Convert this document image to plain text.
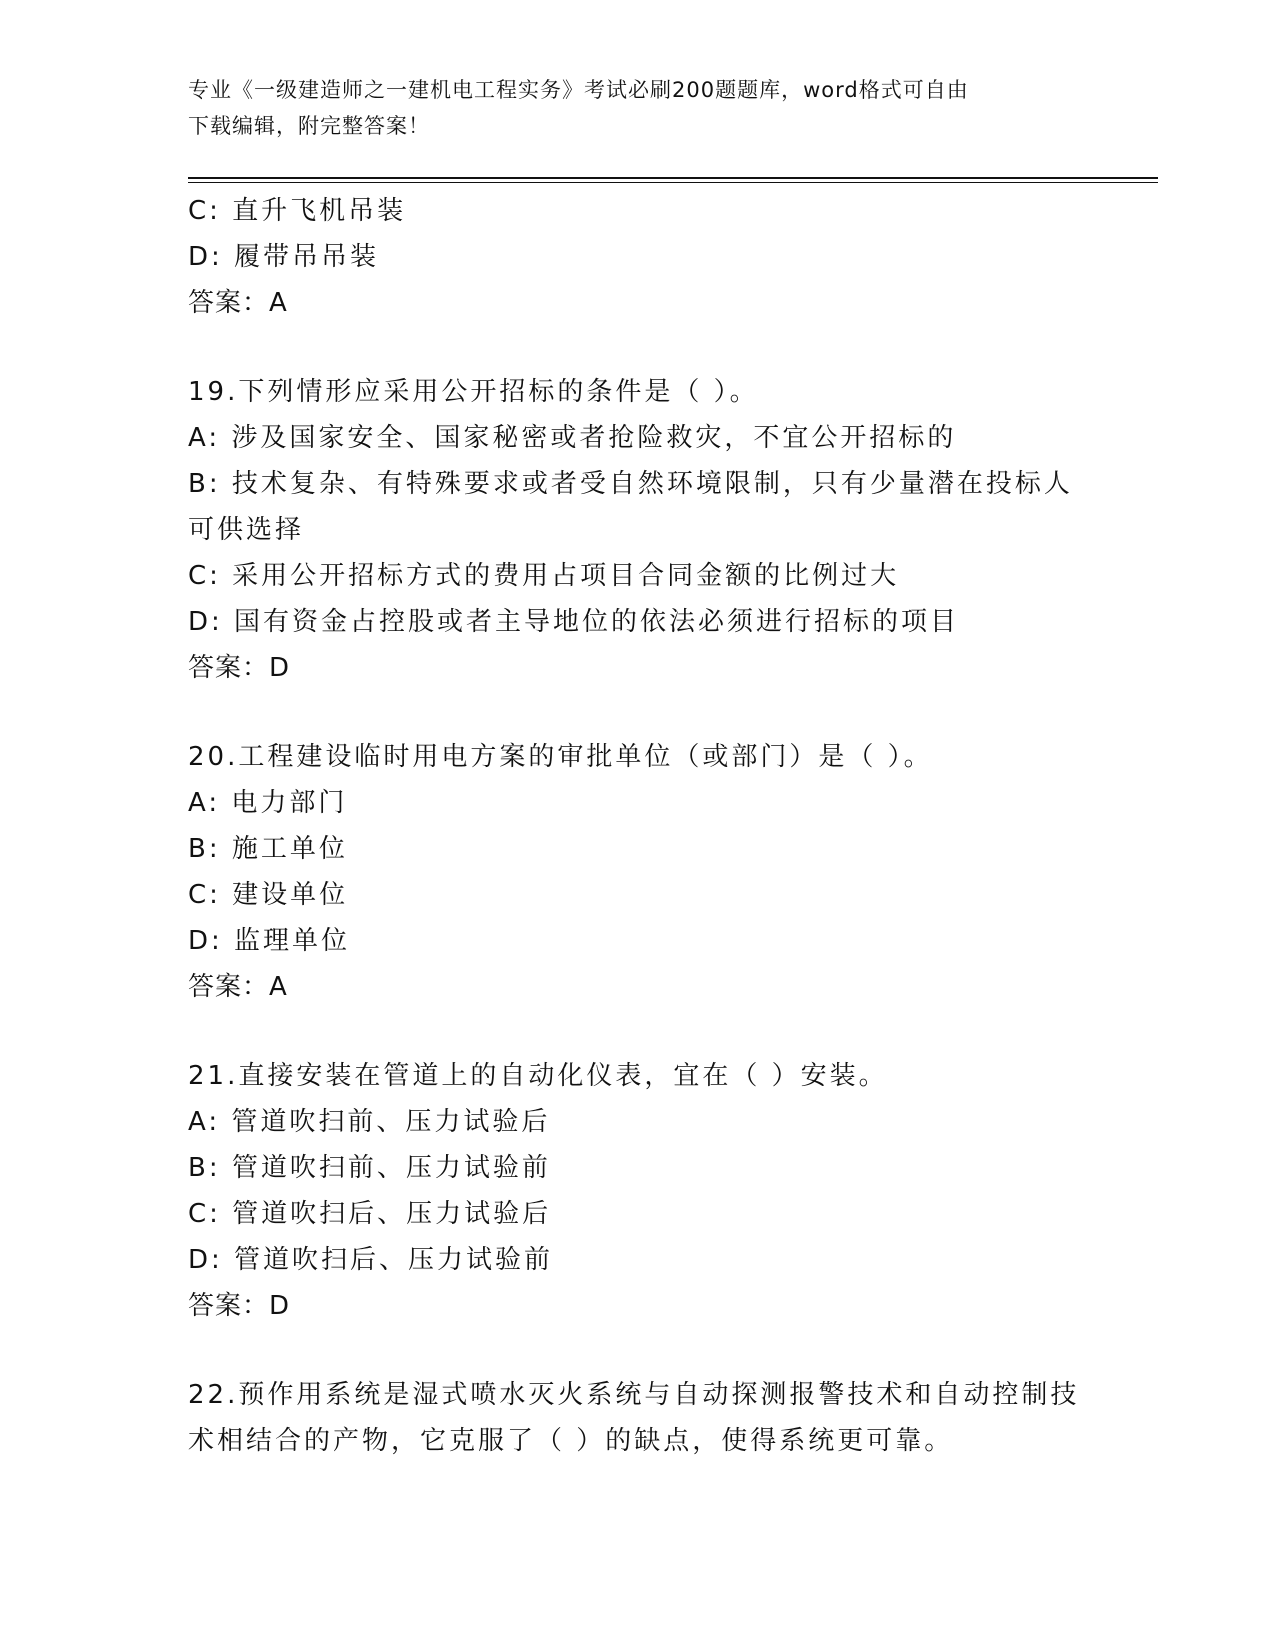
专业《一级建造师之一建机电工程实务》考试必刷200题题库，word格式可自由
下载编辑，附完整答案！
C: 直升飞机吊装
D: 履带吊吊装
答案：A
19.下列情形应采用公开招标的条件是（ ）。
A: 涉及国家安全、国家秘密或者抢险救灾，不宜公开招标的
B: 技术复杂、有特殊要求或者受自然环境限制，只有少量潜在投标人
可供选择
C: 采用公开招标方式的费用占项目合同金额的比例过大
D: 国有资金占控股或者主导地位的依法必须进行招标的项目
答案：D
20.工程建设临时用电方案的审批单位（或部门）是（ ）。
A: 电力部门
B: 施工单位
C: 建设单位
D: 监理单位
答案：A
21.直接安装在管道上的自动化仪表，宜在（ ）安装。
A: 管道吹扫前、压力试验后
B: 管道吹扫前、压力试验前
C: 管道吹扫后、压力试验后
D: 管道吹扫后、压力试验前
答案：D
22.预作用系统是湿式喷水灭火系统与自动探测报警技术和自动控制技
术相结合的产物，它克服了（ ）的缺点，使得系统更可靠。
